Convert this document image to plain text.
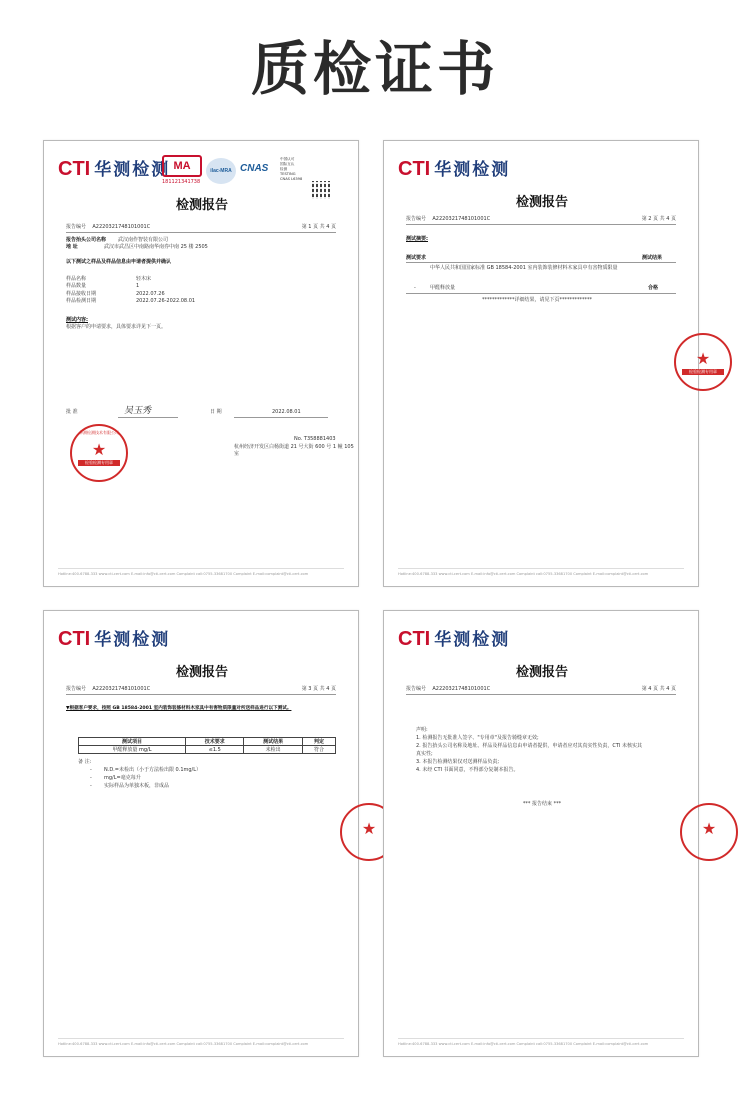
质检证书
CTI 华测检测 MA
181121341738
ilac-MRA CNAS
中国认可
国际互认
检测
TESTING
CNAS L6398
检测报告
报告编号 A2220321748101001C	第 1 页 共 4 页
报告抬头公司名称 武汉南作智装有限公司
地 址	武汉市武昌区中南路南华南券中南 25 楼 2505
以下测试之样品及样品信息由申请者提供并确认
样品名称	轻木床
样品数量	1
样品接收日期	2022.07.26
样品检测日期	2022.07.26-2022.08.01
测试内容:
根据客户的申请要求，具体要求详见下一页。
批 准	吴玉秀	日 期	2022.08.01
No. T358881403
杭州经济开发区白杨街道 21 号大街 600 号 1 幢 105
室
华测检测技术有限公司
★
检验检测专用章
Hotline:400-6788-333 www.cti-cert.com E-mail:info@cti-cert.com Complaint call:0755-33681700 Complaint E-mail:complaint@cti-cert.com
CTI 华测检测
检测报告
报告编号 A2220321748101001C	第 2 页 共 4 页
测试摘要:
测试要求	测试结果
中华人民共和国国家标准 GB 18584-2001 室内装饰装修材料木家具中有害物质限量
-	甲醛释放量	合格
*************详细结果，请见下页*************
★
检验检测专用章
Hotline:400-6788-333 www.cti-cert.com E-mail:info@cti-cert.com Complaint call:0755-33681700 Complaint E-mail:complaint@cti-cert.com
CTI 华测检测
检测报告
报告编号 A2220321748101001C	第 3 页 共 4 页
▼根据客户要求，按照 GB 18584-2001 室内装饰装修材料木家具中有害物质限量对所送样品进行以下测试。
测试项目	技术要求	测试结果	判定
甲醛释放量 mg/L	≤1.5	未检出	符合
备 注:
- N.D.=未检出（小于方法检出限 0.1mg/L）
- mg/L=毫克每升
- 实际样品为单独木板，非成品
★
Hotline:400-6788-333 www.cti-cert.com E-mail:info@cti-cert.com Complaint call:0755-33681700 Complaint E-mail:complaint@cti-cert.com
CTI 华测检测
检测报告
报告编号 A2220321748101001C	第 4 页 共 4 页
声明:
1. 检测报告无批准人签字、"专用章"及报告骑缝章无效;
2. 报告抬头公司名称及地址、样品及样品信息由申请者提供，申请者应对其真实性负责，CTI 未核实其
真实性;
3. 本报告检测结果仅对送测样品负责;
4. 未经 CTI 书面同意，不得部分复制本报告。
*** 报告结束 ***
★
Hotline:400-6788-333 www.cti-cert.com E-mail:info@cti-cert.com Complaint call:0755-33681700 Complaint E-mail:complaint@cti-cert.com
